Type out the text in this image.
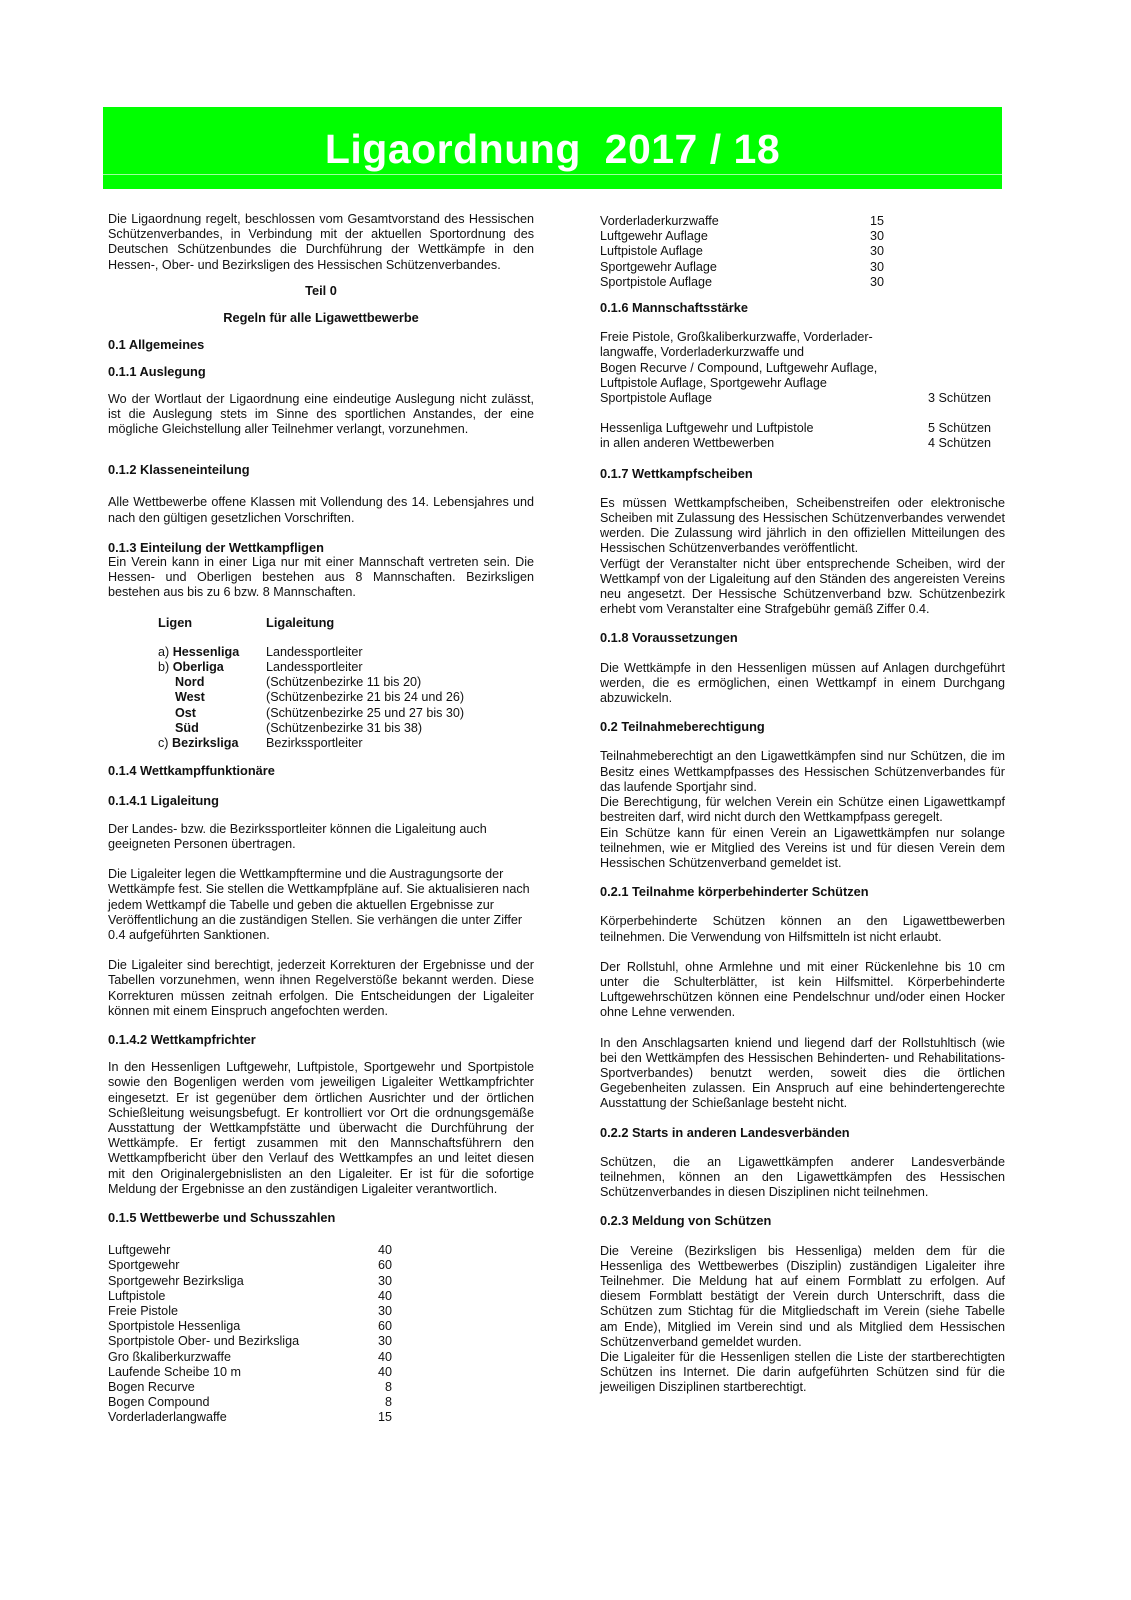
Ligaordnung  2017 / 18

Die Ligaordnung regelt, beschlossen vom Gesamtvorstand des Hessischen Schützenverbandes, in Verbindung mit der aktuellen Sportordnung des Deutschen Schützenbundes die Durchführung der Wettkämpfe in den Hessen-, Ober- und Bezirksligen des Hessischen Schützenverbandes.

Teil 0

Regeln für alle Ligawettbewerbe

0.1 Allgemeines

0.1.1 Auslegung

Wo der Wortlaut der Ligaordnung eine eindeutige Auslegung nicht zulässt, ist die Auslegung stets im Sinne des sportlichen Anstandes, der eine mögliche Gleichstellung aller Teilnehmer verlangt, vorzunehmen.

0.1.2 Klasseneinteilung

Alle Wettbewerbe offene Klassen mit Vollendung des 14. Lebensjahres und nach den gültigen gesetzlichen Vorschriften.

0.1.3 Einteilung der Wettkampfligen

Ein Verein kann in einer Liga nur mit einer Mannschaft vertreten sein. Die Hessen- und Oberligen bestehen aus 8 Mannschaften. Bezirksligen bestehen aus bis zu 6 bzw. 8 Mannschaften.

Ligen	Ligaleitung
a) Hessenliga	Landessportleiter
b) Oberliga	Landessportleiter
Nord	(Schützenbezirke 11 bis 20)
West	(Schützenbezirke 21 bis 24 und 26)
Ost	(Schützenbezirke 25 und 27 bis 30)
Süd	(Schützenbezirke 31 bis 38)
c) Bezirksliga	Bezirkssportleiter

0.1.4 Wettkampffunktionäre

0.1.4.1 Ligaleitung

Der Landes- bzw. die Bezirkssportleiter können die Ligaleitung auch geeigneten Personen übertragen.

Die Ligaleiter legen die Wettkampftermine und die Austragungsorte der Wettkämpfe fest. Sie stellen die Wettkampfpläne auf. Sie aktualisieren nach jedem Wettkampf die Tabelle und geben die aktuellen Ergebnisse zur Veröffentlichung an die zuständigen Stellen. Sie verhängen die unter Ziffer 0.4 aufgeführten Sanktionen.

Die Ligaleiter sind berechtigt, jederzeit Korrekturen der Ergebnisse und der Tabellen vorzunehmen, wenn ihnen Regelverstöße bekannt werden. Diese Korrekturen müssen zeitnah erfolgen. Die Entscheidungen der Ligaleiter können mit einem Einspruch angefochten werden.

0.1.4.2 Wettkampfrichter

In den Hessenligen Luftgewehr, Luftpistole, Sportgewehr und Sportpistole sowie den Bogenligen werden vom jeweiligen Ligaleiter Wettkampfrichter eingesetzt. Er ist gegenüber dem örtlichen Ausrichter und der örtlichen Schießleitung weisungsbefugt. Er kontrolliert vor Ort die ordnungsgemäße Ausstattung der Wettkampfstätte und überwacht die Durchführung der Wettkämpfe. Er fertigt zusammen mit den Mannschaftsführern den Wettkampfbericht über den Verlauf des Wettkampfes an und leitet diesen mit den Originalergebnislisten an den Ligaleiter. Er ist für die sofortige Meldung der Ergebnisse an den zuständigen Ligaleiter verantwortlich.

0.1.5 Wettbewerbe und Schusszahlen

Luftgewehr	40
Sportgewehr	60
Sportgewehr Bezirksliga	30
Luftpistole	40
Freie Pistole	30
Sportpistole Hessenliga	60
Sportpistole Ober- und Bezirksliga	30
Gro ßkaliberkurzwaffe	40
Laufende Scheibe 10 m	40
Bogen Recurve	8
Bogen Compound	8
Vorderladerlangwaffe	15
Vorderladerkurzwaffe	15
Luftgewehr Auflage	30
Luftpistole Auflage	30
Sportgewehr Auflage	30
Sportpistole Auflage	30

0.1.6 Mannschaftsstärke

Freie Pistole, Großkaliberkurzwaffe, Vorderlader-

langwaffe, Vorderladerkurzwaffe und

Bogen Recurve / Compound, Luftgewehr Auflage,

Luftpistole Auflage, Sportgewehr Auflage

Sportpistole Auflage	3 Schützen
Hessenliga Luftgewehr und Luftpistole	5 Schützen
in allen anderen Wettbewerben	4 Schützen

0.1.7 Wettkampfscheiben

Es müssen Wettkampfscheiben, Scheibenstreifen oder elektronische Scheiben mit Zulassung des Hessischen Schützenverbandes verwendet werden. Die Zulassung wird jährlich in den offiziellen Mitteilungen des Hessischen Schützenverbandes veröffentlicht.

Verfügt der Veranstalter nicht über entsprechende Scheiben, wird der Wettkampf von der Ligaleitung auf den Ständen des angereisten Vereins neu angesetzt. Der Hessische Schützenverband bzw. Schützenbezirk erhebt vom Veranstalter eine Strafgebühr gemäß Ziffer 0.4.

0.1.8 Voraussetzungen

Die Wettkämpfe in den Hessenligen müssen auf Anlagen durchgeführt werden, die es ermöglichen, einen Wettkampf in einem Durchgang abzuwickeln.

0.2 Teilnahmeberechtigung

Teilnahmeberechtigt an den Ligawettkämpfen sind nur Schützen, die im Besitz eines Wettkampfpasses des Hessischen Schützenverbandes für das laufende Sportjahr sind.

Die Berechtigung, für welchen Verein ein Schütze einen Ligawettkampf bestreiten darf, wird nicht durch den Wettkampfpass geregelt.

Ein Schütze kann für einen Verein an Ligawettkämpfen nur solange teilnehmen, wie er Mitglied des Vereins ist und für diesen Verein dem Hessischen Schützenverband gemeldet ist.

0.2.1 Teilnahme körperbehinderter Schützen

Körperbehinderte Schützen können an den Ligawettbewerben teilnehmen. Die Verwendung von Hilfsmitteln ist nicht erlaubt.

Der Rollstuhl, ohne Armlehne und mit einer Rückenlehne bis 10 cm unter die Schulterblätter, ist kein Hilfsmittel. Körperbehinderte Luftgewehrschützen können eine Pendelschnur und/oder einen Hocker ohne Lehne verwenden.

In den Anschlagsarten kniend und liegend darf der Rollstuhltisch (wie bei den Wettkämpfen des Hessischen Behinderten- und Rehabilitations-Sportverbandes) benutzt werden, soweit dies die örtlichen Gegebenheiten zulassen. Ein Anspruch auf eine behindertengerechte Ausstattung der Schießanlage besteht nicht.

0.2.2 Starts in anderen Landesverbänden

Schützen, die an Ligawettkämpfen anderer Landesverbände teilnehmen, können an den Ligawettkämpfen des Hessischen Schützenverbandes in diesen Disziplinen nicht teilnehmen.

0.2.3 Meldung von Schützen

Die Vereine (Bezirksligen bis Hessenliga) melden dem für die Hessenliga des Wettbewerbes (Disziplin) zuständigen Ligaleiter ihre Teilnehmer. Die Meldung hat auf einem Formblatt zu erfolgen. Auf diesem Formblatt bestätigt der Verein durch Unterschrift, dass die Schützen zum Stichtag für die Mitgliedschaft im Verein (siehe Tabelle am Ende), Mitglied im Verein sind und als Mitglied dem Hessischen Schützenverband gemeldet wurden.

Die Ligaleiter für die Hessenligen stellen die Liste der startberechtigten Schützen ins Internet. Die darin aufgeführten Schützen sind für die jeweiligen Disziplinen startberechtigt.
